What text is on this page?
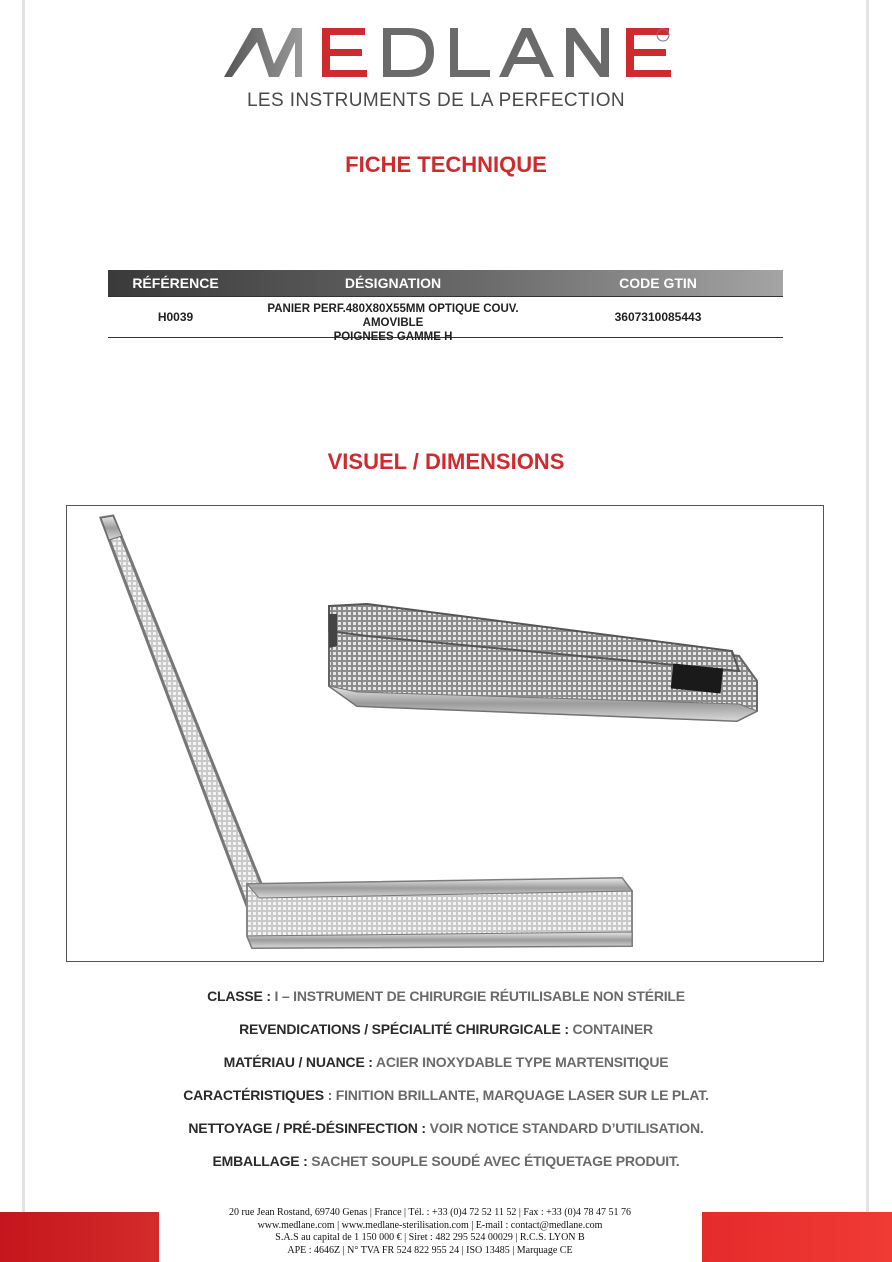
LES INSTRUMENTS DE LA PERFECTION
FICHE TECHNIQUE
RÉFÉRENCE	DÉSIGNATION	CODE GTIN
H0039
PANIER PERF.480X80X55MM OPTIQUE COUV. AMOVIBLE
POIGNEES GAMME H
3607310085443
VISUEL / DIMENSIONS
CLASSE : I – INSTRUMENT DE CHIRURGIE RÉUTILISABLE NON STÉRILE
REVENDICATIONS / SPÉCIALITÉ CHIRURGICALE : CONTAINER
MATÉRIAU / NUANCE : ACIER INOXYDABLE TYPE MARTENSITIQUE
CARACTÉRISTIQUES : FINITION BRILLANTE, MARQUAGE LASER SUR LE PLAT.
NETTOYAGE / PRÉ-DÉSINFECTION : VOIR NOTICE STANDARD D’UTILISATION.
EMBALLAGE : SACHET SOUPLE SOUDÉ AVEC ÉTIQUETAGE PRODUIT.
20 rue Jean Rostand, 69740 Genas | France | Tél. : +33 (0)4 72 52 11 52 | Fax : +33 (0)4 78 47 51 76
www.medlane.com | www.medlane-sterilisation.com | E-mail : contact@medlane.com
S.A.S au capital de 1 150 000 € | Siret : 482 295 524 00029 | R.C.S. LYON B
APE : 4646Z | N° TVA FR 524 822 955 24 | ISO 13485 | Marquage CE
